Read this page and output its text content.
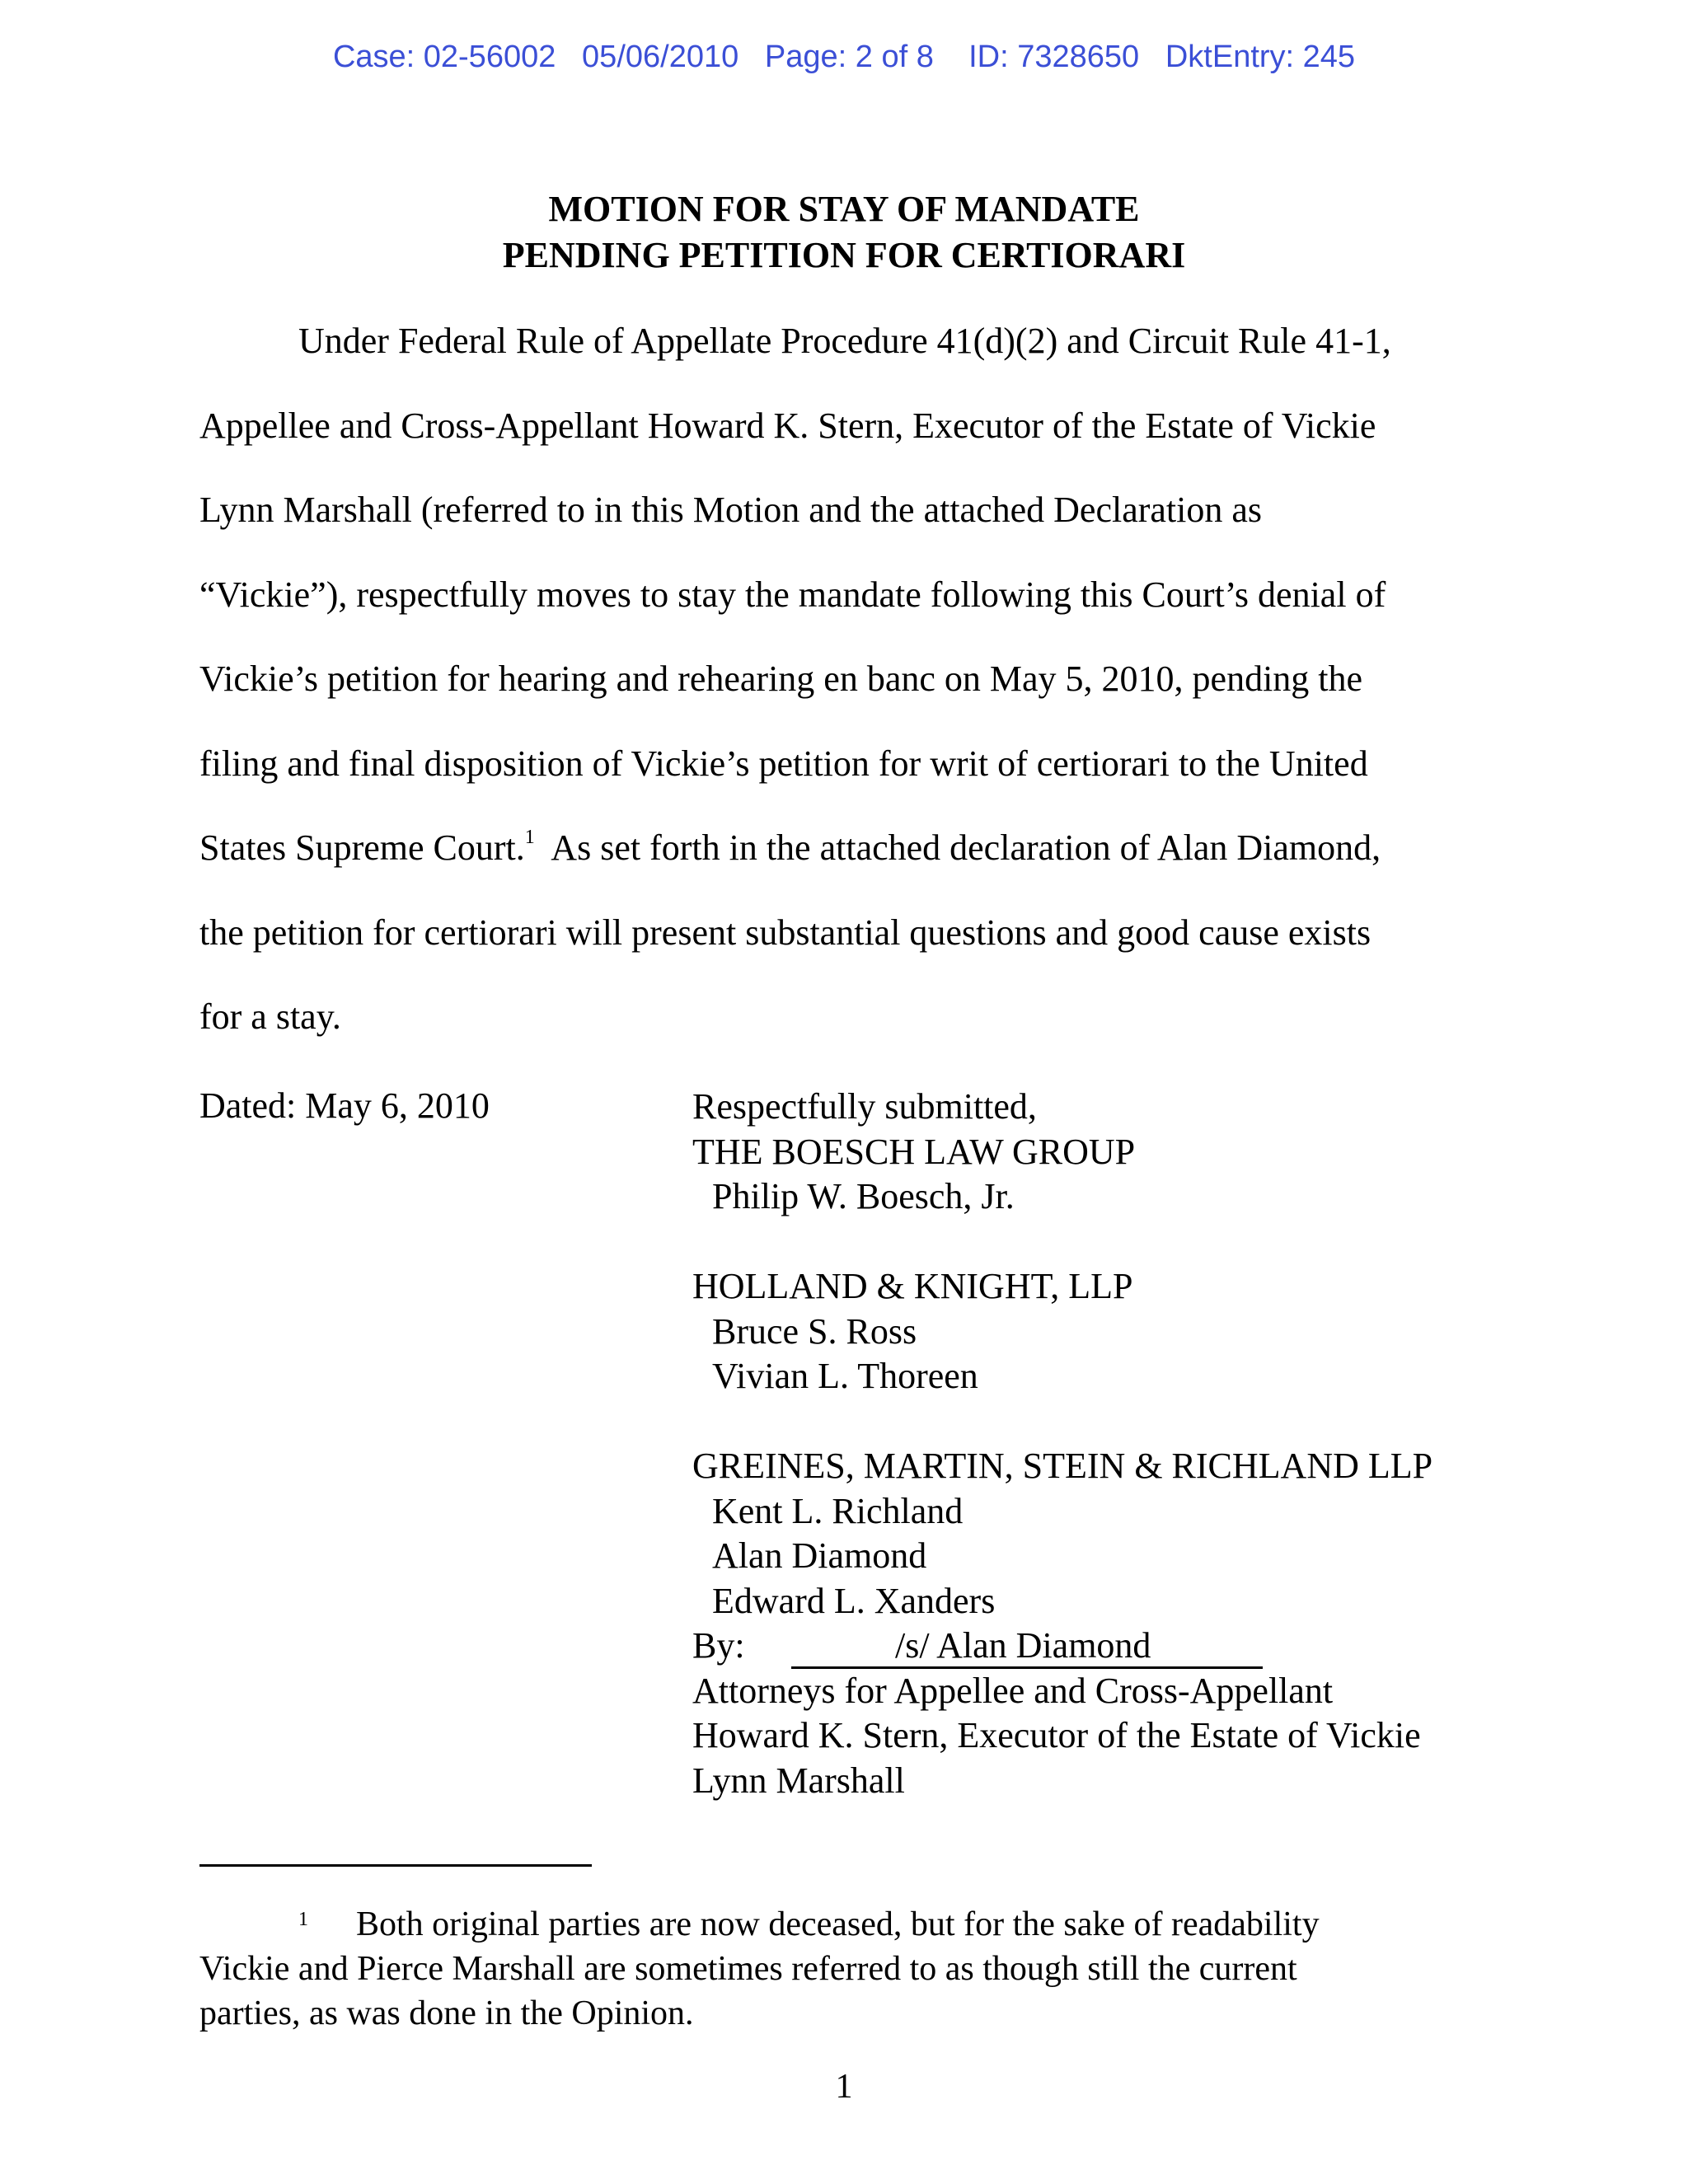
Case: 02-56002 05/06/2010 Page: 2 of 8 ID: 7328650 DktEntry: 245
MOTION FOR STAY OF MANDATE
PENDING PETITION FOR CERTIORARI
Under Federal Rule of Appellate Procedure 41(d)(2) and Circuit Rule 41-1,
Appellee and Cross-Appellant Howard K. Stern, Executor of the Estate of Vickie
Lynn Marshall (referred to in this Motion and the attached Declaration as
“Vickie”), respectfully moves to stay the mandate following this Court’s denial of
Vickie’s petition for hearing and rehearing en banc on May 5, 2010, pending the
filing and final disposition of Vickie’s petition for writ of certiorari to the United
States Supreme Court.$^1$  As set forth in the attached declaration of Alan Diamond,
the petition for certiorari will present substantial questions and good cause exists
for a stay.
Dated: May 6, 2010	Respectfully submitted,
THE BOESCH LAW GROUP
Philip W. Boesch, Jr.
HOLLAND & KNIGHT, LLP
Bruce S. Ross
Vivian L. Thoreen
GREINES, MARTIN, STEIN & RICHLAND LLP
Kent L. Richland
Alan Diamond
Edward L. Xanders
By:	/s/ Alan Diamond
Attorneys for Appellee and Cross-Appellant
Howard K. Stern, Executor of the Estate of Vickie
Lynn Marshall
1	Both original parties are now deceased, but for the sake of readability
Vickie and Pierce Marshall are sometimes referred to as though still the current
parties, as was done in the Opinion.
1
